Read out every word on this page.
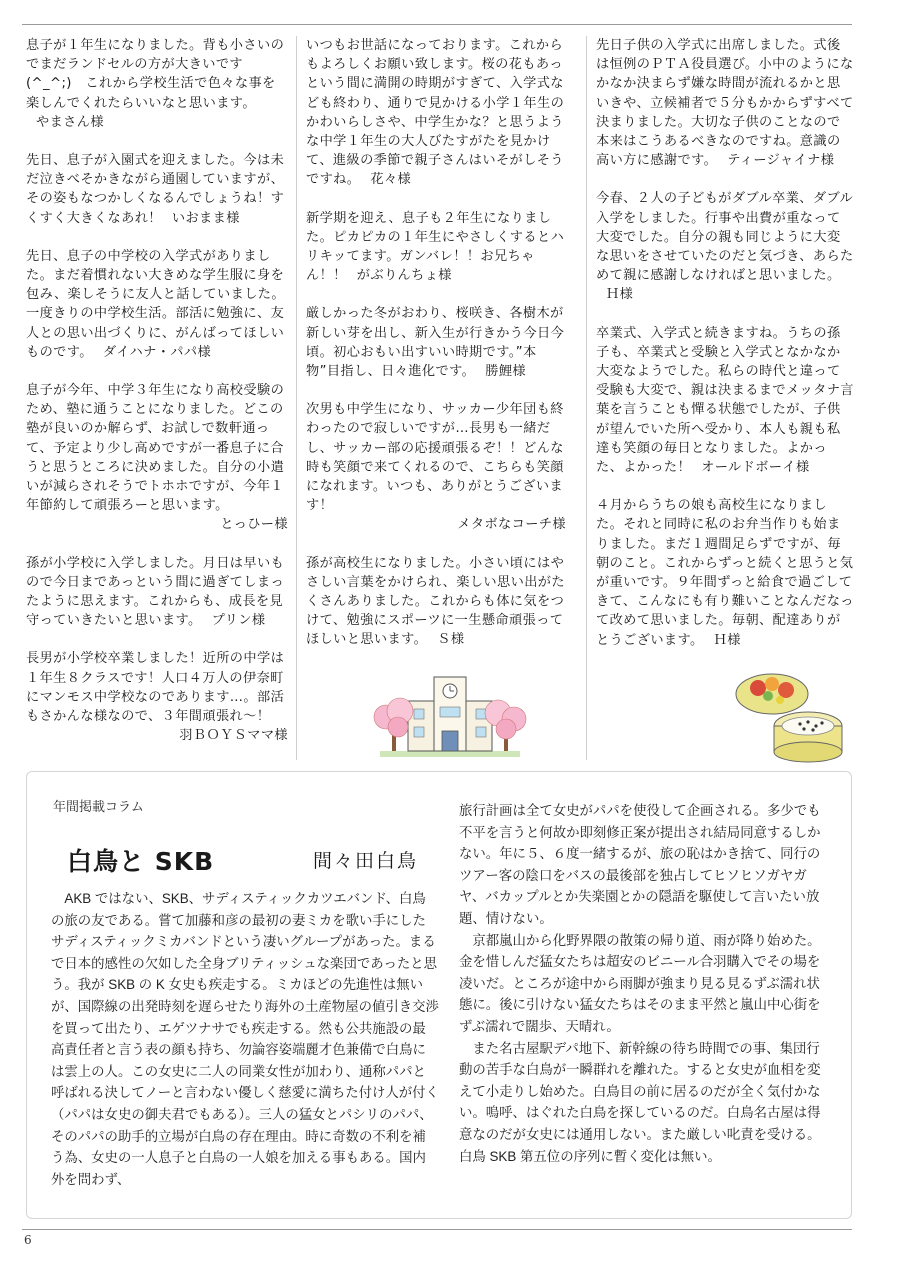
息子が１年生になりました。背も小さいのでまだランドセルの方が大きいです(^_^;)　これから学校生活で色々な事を楽しんでくれたらいいなと思います。やまさん様
先日、息子が入園式を迎えました。今は未だ泣きべそかきながら通園していますが、その姿もなつかしくなるんでしょうね！すくすく大きくなあれ！ いおまま様
先日、息子の中学校の入学式がありました。まだ着慣れない大きめな学生服に身を包み、楽しそうに友人と話していました。一度きりの中学校生活。部活に勉強に、友人との思い出づくりに、がんばってほしいものです。 ダイハナ・パパ様
息子が今年、中学３年生になり高校受験のため、塾に通うことになりました。どこの塾が良いのか解らず、お試しで数軒通って、予定より少し高めですが一番息子に合うと思うところに決めました。自分の小遣いが減らされそうでトホホですが、今年１年節約して頑張ろーと思います。
とっひー様
孫が小学校に入学しました。月日は早いもので今日まであっという間に過ぎてしまったように思えます。これからも、成長を見守っていきたいと思います。 プリン様
長男が小学校卒業しました！近所の中学は１年生８クラスです！人口４万人の伊奈町にマンモス中学校なのであります…。部活もさかんな様なので、３年間頑張れ～！
羽ＢＯＹＳママ様
いつもお世話になっております。これからもよろしくお願い致します。桜の花もあっという間に満開の時期がすぎて、入学式なども終わり、通りで見かける小学１年生のかわいらしさや、中学生かな？と思うような中学１年生の大人びたすがたを見かけて、進級の季節で親子さんはいそがしそうですね。 花々様
新学期を迎え、息子も２年生になりました。ピカピカの１年生にやさしくするとハリキッてます。ガンバレ！！お兄ちゃん！！ がぶりんちょ様
厳しかった冬がおわり、桜咲き、各樹木が新しい芽を出し、新入生が行きかう今日今頃。初心おもい出すいい時期です。”本物”目指し、日々進化です。 勝鯉様
次男も中学生になり、サッカー少年団も終わったので寂しいですが…長男も一緒だし、サッカー部の応援頑張るぞ！！どんな時も笑顔で来てくれるので、こちらも笑顔になれます。いつも、ありがとうございます！
メタボなコーチ様
孫が高校生になりました。小さい頃にはやさしい言葉をかけられ、楽しい思い出がたくさんありました。これからも体に気をつけて、勉強にスポーツに一生懸命頑張ってほしいと思います。 Ｓ様
先日子供の入学式に出席しました。式後は恒例のＰＴＡ役員選び。小中のようになかなか決まらず嫌な時間が流れるかと思いきや、立候補者で５分もかからずすべて決まりました。大切な子供のことなので本来はこうあるべきなのですね。意識の高い方に感謝です。 ティージャイナ様
今春、２人の子どもがダブル卒業、ダブル入学をしました。行事や出費が重なって大変でした。自分の親も同じように大変な思いをさせていたのだと気づき、あらためて親に感謝しなければと思いました。Ｈ様
卒業式、入学式と続きますね。うちの孫子も、卒業式と受験と入学式となかなか大変なようでした。私らの時代と違って受験も大変で、親は決まるまでメッタナ言葉を言うことも憚る状態でしたが、子供が望んでいた所へ受かり、本人も親も私達も笑顔の毎日となりました。よかった、よかった！ オールドボーイ様
４月からうちの娘も高校生になりました。それと同時に私のお弁当作りも始まりました。まだ１週間足らずですが、毎朝のこと。これからずっと続くと思うと気が重いです。９年間ずっと給食で過ごしてきて、こんなにも有り難いことなんだなって改めて思いました。毎朝、配達ありがとうございます。 Ｈ様
年間掲載コラム
白鳥と SKB	間々田白鳥

AKB ではない、SKB、サディスティックカツエバンド、白鳥の旅の友である。嘗て加藤和彦の最初の妻ミカを歌い手にしたサディスティックミカバンドという凄いグループがあった。まるで日本的感性の欠如した全身ブリティッシュな楽団であったと思う。我が SKB の K 女史も疾走する。ミカほどの先進性は無いが、国際線の出発時刻を遅らせたり海外の土産物屋の値引き交渉を買って出たり、エゲツナサでも疾走する。然も公共施設の最高責任者と言う表の顔も持ち、勿論容姿端麗才色兼備で白鳥には雲上の人。この女史に二人の同業女性が加わり、通称パパと呼ばれる決してノーと言わない優しく慈愛に満ちた付け人が付く（パパは女史の御夫君でもある）。三人の猛女とパシリのパパ、そのパパの助手的立場が白鳥の存在理由。時に奇数の不利を補う為、女史の一人息子と白鳥の一人娘を加える事もある。国内外を問わず、

旅行計画は全て女史がパパを使役して企画される。多少でも不平を言うと何故か即刻修正案が提出され結局同意するしかない。年に５、６度一緒するが、旅の恥はかき捨て、同行のツアー客の陰口をバスの最後部を独占してヒソヒソガヤガヤ、バカップルとか失楽園とかの隠語を駆使して言いたい放題、情けない。

京都嵐山から化野界隈の散策の帰り道、雨が降り始めた。金を惜しんだ猛女たちは超安のビニール合羽購入でその場を凌いだ。ところが途中から雨脚が強まり見る見るずぶ濡れ状態に。後に引けない猛女たちはそのまま平然と嵐山中心街をずぶ濡れで闊歩、天晴れ。

また名古屋駅デパ地下、新幹線の待ち時間での事、集団行動の苦手な白鳥が一瞬群れを離れた。すると女史が血相を変えて小走りし始めた。白鳥目の前に居るのだが全く気付かない。嗚呼、はぐれた白鳥を探しているのだ。白鳥名古屋は得意なのだが女史には通用しない。また厳しい叱責を受ける。白鳥 SKB 第五位の序列に暫く変化は無い。

6
